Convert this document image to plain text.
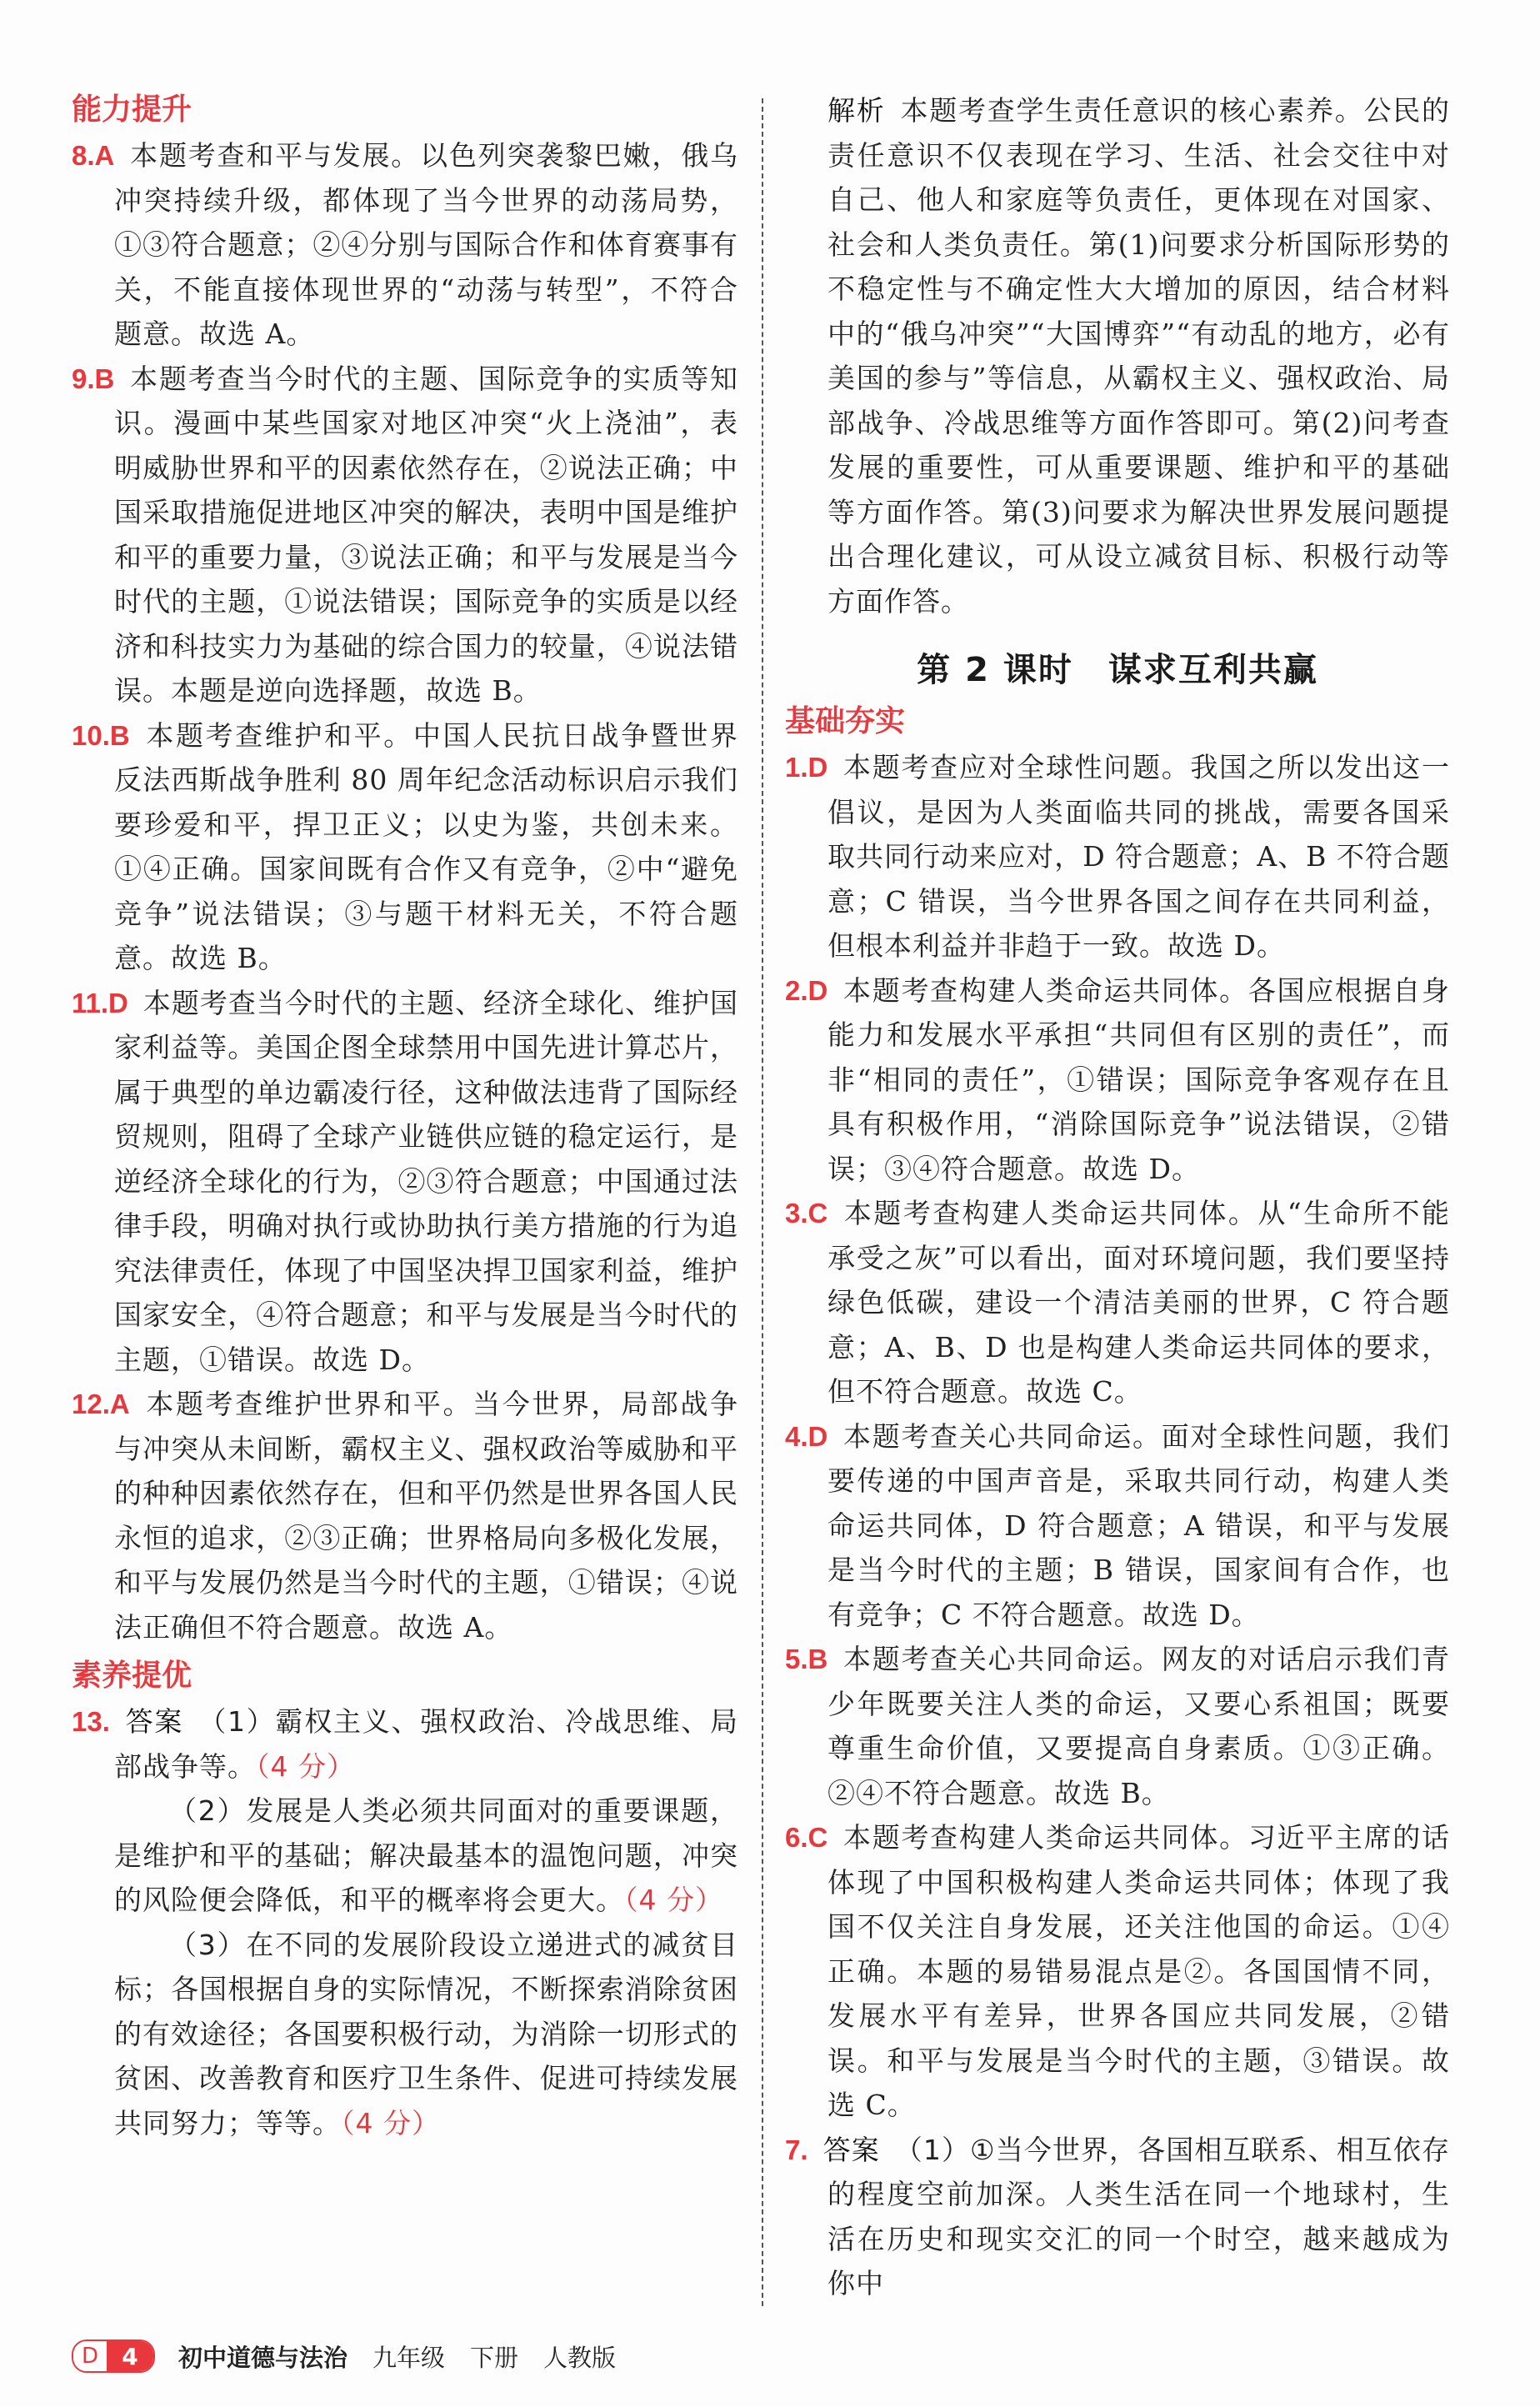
能力提升
8.A 本题考查和平与发展。以色列突袭黎巴嫩，俄乌冲突持续升级，都体现了当今世界的动荡局势，①③符合题意；②④分别与国际合作和体育赛事有关，不能直接体现世界的“动荡与转型”，不符合题意。故选 A。
9.B 本题考查当今时代的主题、国际竞争的实质等知识。漫画中某些国家对地区冲突“火上浇油”，表明威胁世界和平的因素依然存在，②说法正确；中国采取措施促进地区冲突的解决，表明中国是维护和平的重要力量，③说法正确；和平与发展是当今时代的主题，①说法错误；国际竞争的实质是以经济和科技实力为基础的综合国力的较量，④说法错误。本题是逆向选择题，故选 B。
10.B 本题考查维护和平。中国人民抗日战争暨世界反法西斯战争胜利 80 周年纪念活动标识启示我们要珍爱和平，捍卫正义；以史为鉴，共创未来。①④正确。国家间既有合作又有竞争，②中“避免竞争”说法错误；③与题干材料无关，不符合题意。故选 B。
11.D 本题考查当今时代的主题、经济全球化、维护国家利益等。美国企图全球禁用中国先进计算芯片，属于典型的单边霸凌行径，这种做法违背了国际经贸规则，阻碍了全球产业链供应链的稳定运行，是逆经济全球化的行为，②③符合题意；中国通过法律手段，明确对执行或协助执行美方措施的行为追究法律责任，体现了中国坚决捍卫国家利益，维护国家安全，④符合题意；和平与发展是当今时代的主题，①错误。故选 D。
12.A 本题考查维护世界和平。当今世界，局部战争与冲突从未间断，霸权主义、强权政治等威胁和平的种种因素依然存在，但和平仍然是世界各国人民永恒的追求，②③正确；世界格局向多极化发展，和平与发展仍然是当今时代的主题，①错误；④说法正确但不符合题意。故选 A。
素养提优
13. 答案 （1）霸权主义、强权政治、冷战思维、局部战争等。（4 分）
（2）发展是人类必须共同面对的重要课题，是维护和平的基础；解决最基本的温饱问题，冲突的风险便会降低，和平的概率将会更大。（4 分）
（3）在不同的发展阶段设立递进式的减贫目标；各国根据自身的实际情况，不断探索消除贫困的有效途径；各国要积极行动，为消除一切形式的贫困、改善教育和医疗卫生条件、促进可持续发展共同努力；等等。（4 分）
解析 本题考查学生责任意识的核心素养。公民的责任意识不仅表现在学习、生活、社会交往中对自己、他人和家庭等负责任，更体现在对国家、社会和人类负责任。第(1)问要求分析国际形势的不稳定性与不确定性大大增加的原因，结合材料中的“俄乌冲突”“大国博弈”“有动乱的地方，必有美国的参与”等信息，从霸权主义、强权政治、局部战争、冷战思维等方面作答即可。第(2)问考查发展的重要性，可从重要课题、维护和平的基础等方面作答。第(3)问要求为解决世界发展问题提出合理化建议，可从设立减贫目标、积极行动等方面作答。
第 2 课时　谋求互利共赢
基础夯实
1.D 本题考查应对全球性问题。我国之所以发出这一倡议，是因为人类面临共同的挑战，需要各国采取共同行动来应对，D 符合题意；A、B 不符合题意；C 错误，当今世界各国之间存在共同利益，但根本利益并非趋于一致。故选 D。
2.D 本题考查构建人类命运共同体。各国应根据自身能力和发展水平承担“共同但有区别的责任”，而非“相同的责任”，①错误；国际竞争客观存在且具有积极作用，“消除国际竞争”说法错误，②错误；③④符合题意。故选 D。
3.C 本题考查构建人类命运共同体。从“生命所不能承受之灰”可以看出，面对环境问题，我们要坚持绿色低碳，建设一个清洁美丽的世界，C 符合题意；A、B、D 也是构建人类命运共同体的要求，但不符合题意。故选 C。
4.D 本题考查关心共同命运。面对全球性问题，我们要传递的中国声音是，采取共同行动，构建人类命运共同体，D 符合题意；A 错误，和平与发展是当今时代的主题；B 错误，国家间有合作，也有竞争；C 不符合题意。故选 D。
5.B 本题考查关心共同命运。网友的对话启示我们青少年既要关注人类的命运，又要心系祖国；既要尊重生命价值，又要提高自身素质。①③正确。②④不符合题意。故选 B。
6.C 本题考查构建人类命运共同体。习近平主席的话体现了中国积极构建人类命运共同体；体现了我国不仅关注自身发展，还关注他国的命运。①④正确。本题的易错易混点是②。各国国情不同，发展水平有差异，世界各国应共同发展，②错误。和平与发展是当今时代的主题，③错误。故选 C。
7. 答案 （1）①当今世界，各国相互联系、相互依存的程度空前加深。人类生活在同一个地球村，生活在历史和现实交汇的同一个时空，越来越成为你中
D	4	初中道德与法治 九年级 下册 人教版
